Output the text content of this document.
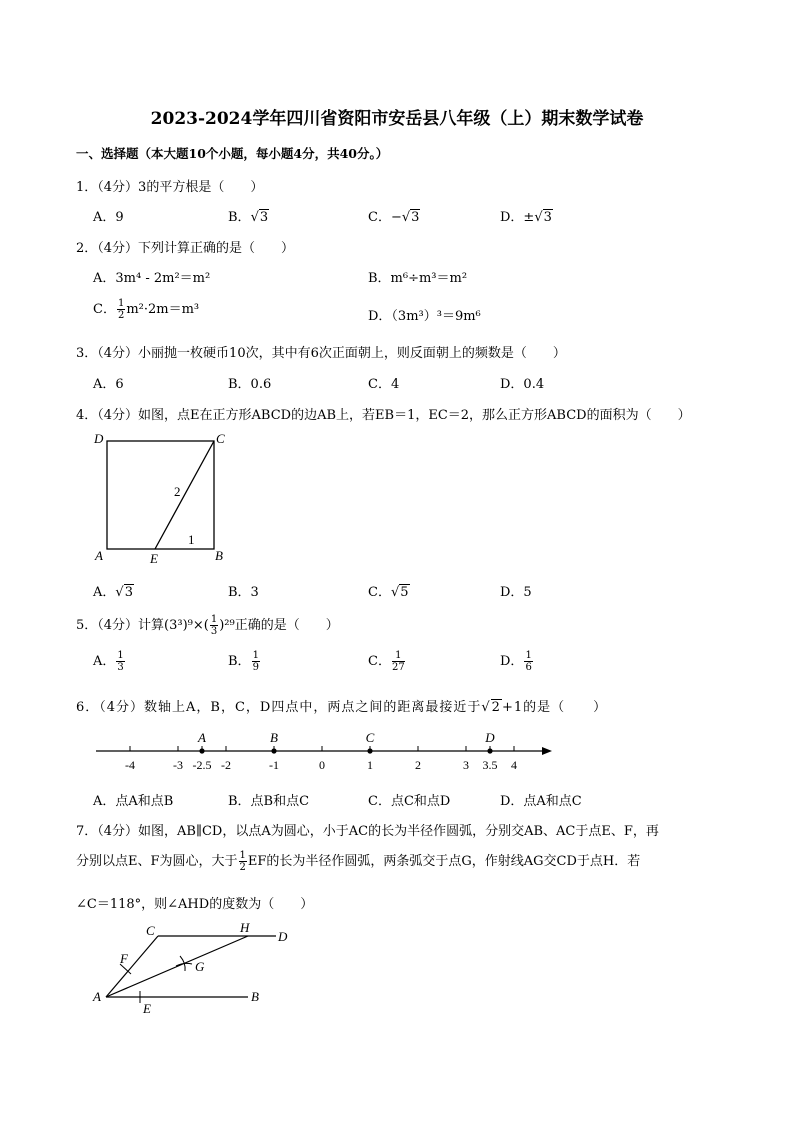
2023-2024学年四川省资阳市安岳县八年级（上）期末数学试卷
一、选择题（本大题10个小题，每小题4分，共40分。）
1．（4分）3的平方根是（　　）
A．9	B．√3	C．−√3	D．±√3
2．（4分）下列计算正确的是（　　）
A．3m⁴ - 2m²＝m²	B．m⁶÷m³＝m²
C． $\frac{1}{2} m^2\cdot 2m=m^3$	D．（3m³）³＝9m⁶
3．（4分）小丽抛一枚硬币10次，其中有6次正面朝上，则反面朝上的频数是（　　）
A．6	B．0.6	C．4	D．0.4
4．（4分）如图，点E在正方形ABCD的边AB上，若EB＝1，EC＝2，那么正方形ABCD的面积为（　　）
D	C
A	B
E
2
1
A．√3	B．3	C．√5	D．5
5．（4分）计算$(3^3)^9\times( \frac{1}{3} )^{29}$正确的是（　　）
A． $\frac{1}{3}$	B． $\frac{1}{9}$	C． $\frac{1}{27}$	D． $\frac{1}{6}$
6．（4分）数轴上A，B，C，D四点中，两点之间的距离最接近于√2+1的是（　　）
-4	-3 -2.5 -2	-1	0	1	2	3 3.5 4
A	B	C	D
A．点A和点B	B．点B和点C	C．点C和点D	D．点A和点C
7．（4分）如图，AB∥CD，以点A为圆心，小于AC的长为半径作圆弧，分别交AB、AC于点E、F，再
分别以点E、F为圆心，大于 $\frac{1}{2}$ EF的长为半径作圆弧，两条弧交于点G，作射线AG交CD于点H．若
∠C＝118°，则∠AHD的度数为（　　）
C	H
D
F
G
A	B
E
